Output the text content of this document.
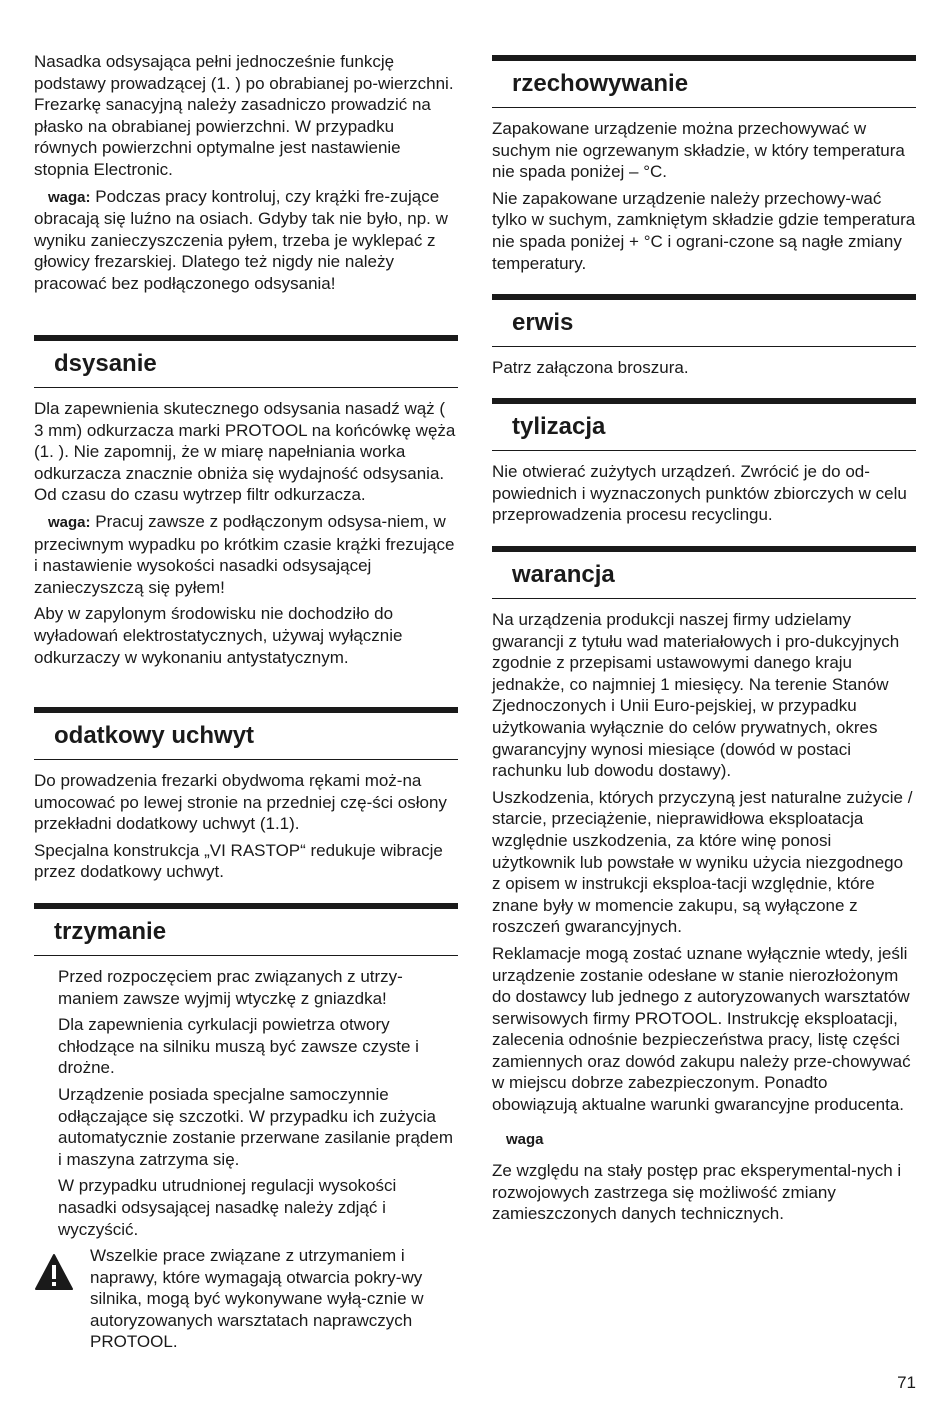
Nasadka odsysająca pełni jednocześnie funkcję podstawy prowadzącej (1. ) po obrabianej po-wierzchni. Frezarkę sanacyjną należy zasadniczo prowadzić na płasko na obrabianej powierzchni. W przypadku równych powierzchni optymalne jest nastawienie stopnia Electronic.

waga: Podczas pracy kontroluj, czy krążki fre-zujące obracają się luźno na osiach. Gdyby tak nie było, np. w wyniku zanieczyszczenia pyłem, trzeba je wyklepać z głowicy frezarskiej. Dlatego też nigdy nie należy pracować bez podłączonego odsysania!

dsysanie

Dla zapewnienia skutecznego odsysania nasadź wąż ( 3 mm) odkurzacza marki PROTOOL na końcówkę węża (1. ). Nie zapomnij, że w miarę napełniania worka odkurzacza znacznie obniża się wydajność odsysania. Od czasu do czasu wytrzep filtr odkurzacza.

waga: Pracuj zawsze z podłączonym odsysa-niem, w przeciwnym wypadku po krótkim czasie krążki frezujące i nastawienie wysokości nasadki odsysającej zanieczyszczą się pyłem!

Aby w zapylonym środowisku nie dochodziło do wyładowań elektrostatycznych, używaj wyłącznie odkurzaczy w wykonaniu antystatycznym.

odatkowy uchwyt

Do prowadzenia frezarki obydwoma rękami moż-na umocować po lewej stronie na przedniej czę-ści osłony przekładni dodatkowy uchwyt (1.1).

Specjalna konstrukcja „VI RASTOP“ redukuje wibracje przez dodatkowy uchwyt.

trzymanie

Przed rozpoczęciem prac związanych z utrzy-maniem zawsze wyjmij wtyczkę z gniazdka!

Dla zapewnienia cyrkulacji powietrza otwory chłodzące na silniku muszą być zawsze czyste i drożne.

Urządzenie posiada specjalne samoczynnie odłączające się szczotki. W przypadku ich zużycia automatycznie zostanie przerwane zasilanie prądem i maszyna zatrzyma się.

W przypadku utrudnionej regulacji wysokości nasadki odsysającej nasadkę należy zdjąć i wyczyścić.

Wszelkie prace związane z utrzymaniem i naprawy, które wymagają otwarcia pokry-wy silnika, mogą być wykonywane wyłą-cznie w autoryzowanych warsztatach naprawczych PROTOOL.

rzechowywanie

Zapakowane urządzenie można przechowywać w suchym nie ogrzewanym składzie, w który temperatura nie spada poniżej – °C.

Nie zapakowane urządzenie należy przechowy-wać tylko w suchym, zamkniętym składzie gdzie temperatura nie spada poniżej + °C i ograni-czone są nagłe zmiany temperatury.

erwis

Patrz załączona broszura.

tylizacja

Nie otwierać zużytych urządzeń. Zwrócić je do od-powiednich i wyznaczonych punktów zbiorczych w celu przeprowadzenia procesu recyclingu.

warancja

Na urządzenia produkcji naszej firmy udzielamy gwarancji z tytułu wad materiałowych i pro-dukcyjnych zgodnie z przepisami ustawowymi danego kraju jednakże, co najmniej 1 miesięcy. Na terenie Stanów Zjednoczonych i Unii Euro-pejskiej, w przypadku użytkowania wyłącznie do celów prywatnych, okres gwarancyjny wynosi miesiące (dowód w postaci rachunku lub dowodu dostawy).

Uszkodzenia, których przyczyną jest naturalne zużycie / starcie, przeciążenie, nieprawidłowa eksploatacja względnie uszkodzenia, za które winę ponosi użytkownik lub powstałe w wyniku użycia niezgodnego z opisem w instrukcji eksploa-tacji względnie, które znane były w momencie zakupu, są wyłączone z roszczeń gwarancyjnych.

Reklamacje mogą zostać uznane wyłącznie wtedy, jeśli urządzenie zostanie odesłane w stanie nierozłożonym do dostawcy lub jednego z autoryzowanych warsztatów serwisowych firmy PROTOOL. Instrukcję eksploatacji, zalecenia odnośnie bezpieczeństwa pracy, listę części zamiennych oraz dowód zakupu należy prze-chowywać w miejscu dobrze zabezpieczonym. Ponadto obowiązują aktualne warunki gwarancyjne producenta.

waga

Ze względu na stały postęp prac eksperymental-nych i rozwojowych zastrzega się możliwość zmiany zamieszczonych danych technicznych.

71
